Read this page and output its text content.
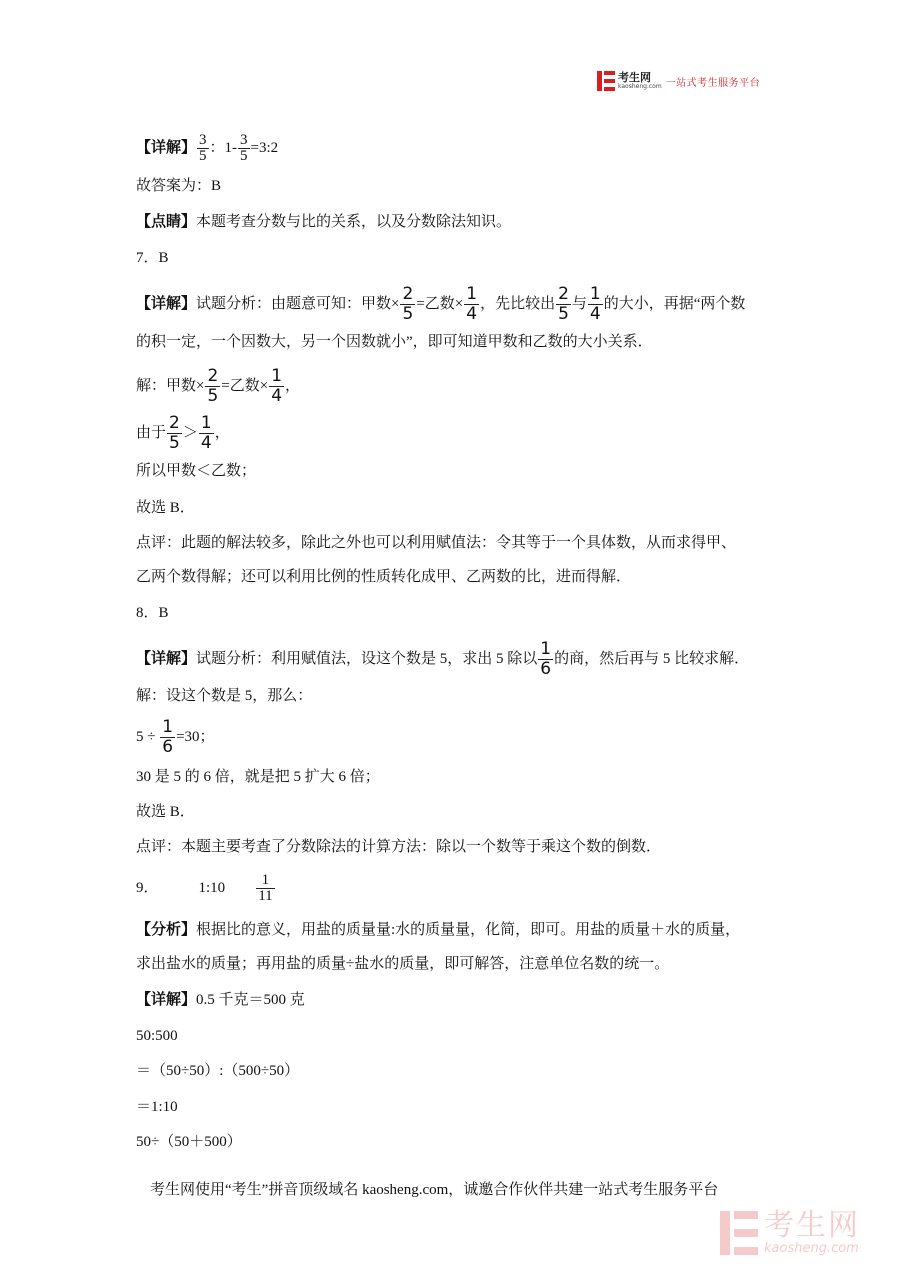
考生网
kaosheng.com 一站式考生服务平台
【详解】 $\frac{3}{5}$ ：$1- \frac{3}{5}$ =3:2
故答案为：B
【点睛】本题考查分数与比的关系，以及分数除法知识。
7．B
【详解】试题分析：由题意可知：甲数× $\frac{2}{5}$ =乙数× $\frac{1}{4}$ ，先比较出 $\frac{2}{5}$ 与 $\frac{1}{4}$ 的大小，再据“两个数
的积一定，一个因数大，另一个因数就小”，即可知道甲数和乙数的大小关系．
解：甲数× $\frac{2}{5}$ =乙数× $\frac{1}{4}$ ，
由于 $\frac{2}{5} > \frac{1}{4}$ ，
所以甲数＜乙数；
故选 B．
点评：此题的解法较多，除此之外也可以利用赋值法：令其等于一个具体数，从而求得甲、
乙两个数得解；还可以利用比例的性质转化成甲、乙两数的比，进而得解．
8．B
【详解】试题分析：利用赋值法，设这个数是 5，求出 5 除以 $\frac{1}{6}$ 的商，然后再与 5 比较求解．
解：设这个数是 5，那么：
$5 \div \frac{1}{6} =30$；
30 是 5 的 6 倍，就是把 5 扩大 6 倍；
故选 B．
点评：本题主要考查了分数除法的计算方法：除以一个数等于乘这个数的倒数．
9．	1:10 $\frac{1}{11}$
【分析】根据比的意义，用盐的质量量:水的质量量，化简，即可。用盐的质量＋水的质量，
求出盐水的质量；再用盐的质量÷盐水的质量，即可解答，注意单位名数的统一。
【详解】0.5 千克＝500 克
50:500
＝（50÷50）:（500÷50）
＝1:10
50÷（50＋500）
考生网使用“考生”拼音顶级域名 kaosheng.com，诚邀合作伙伴共建一站式考生服务平台
考生网
kaosheng.com
